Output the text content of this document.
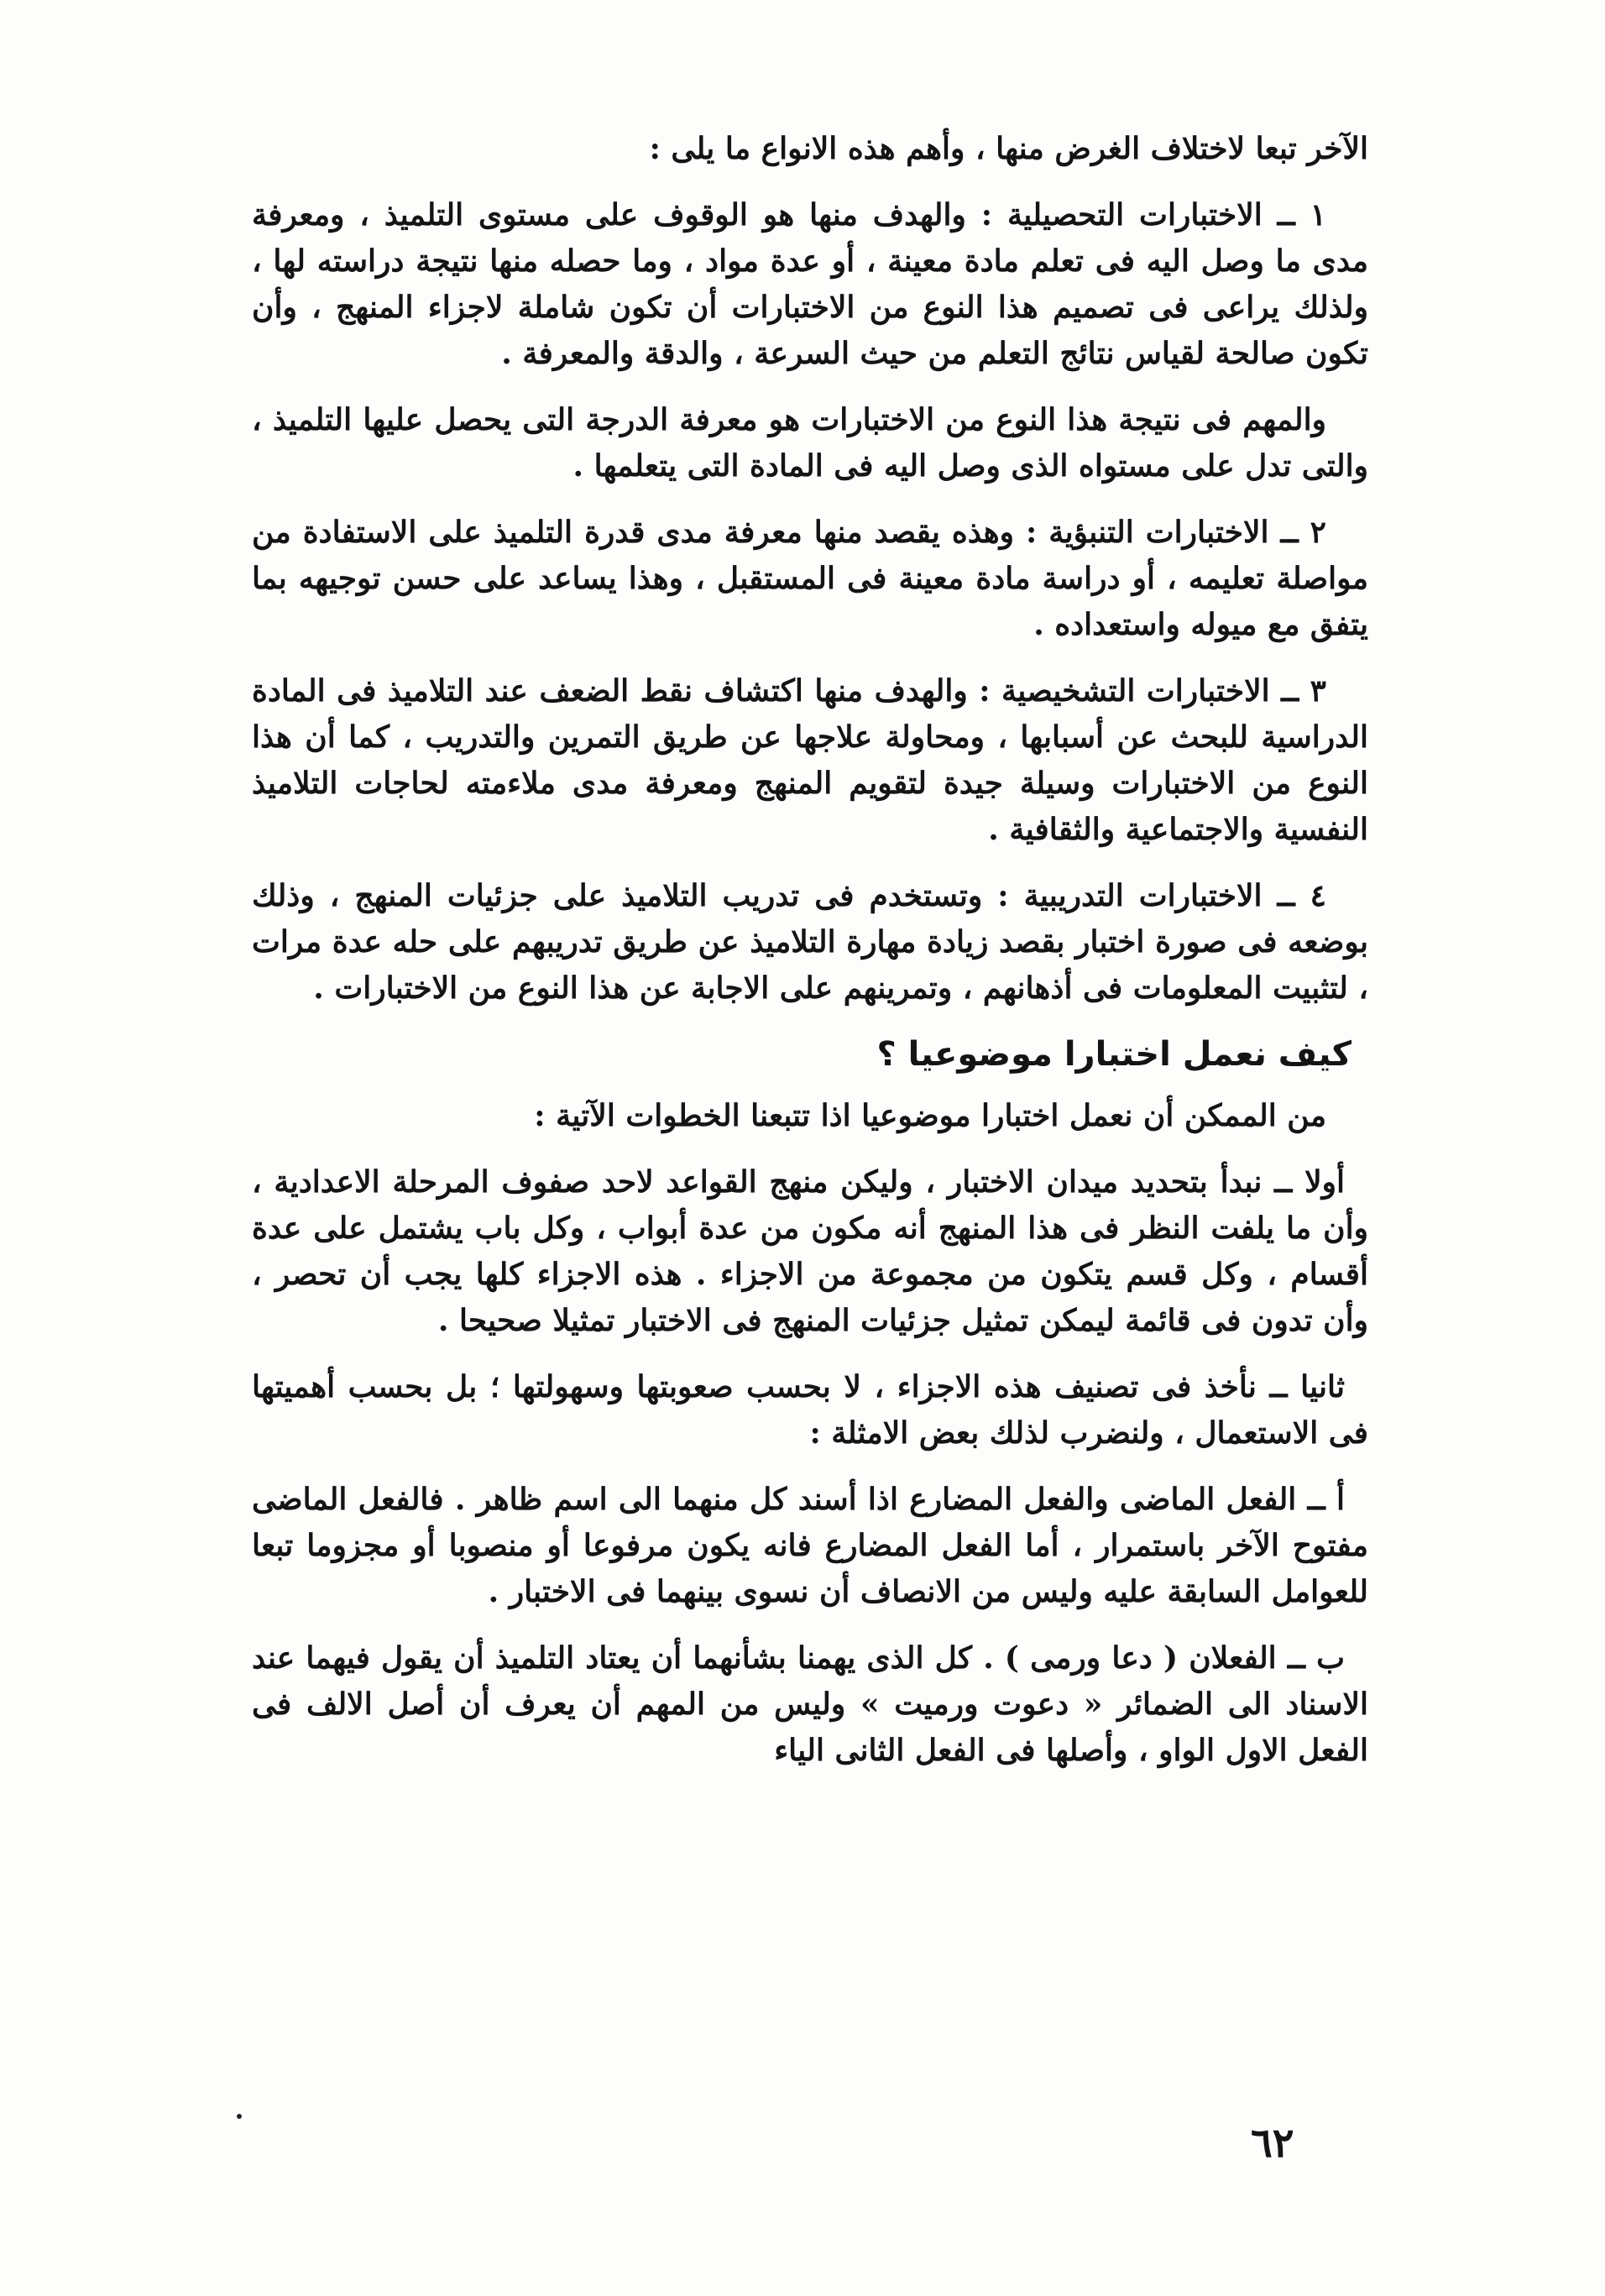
الآخر تبعا لاختلاف الغرض منها ، وأهم هذه الانواع ما يلى :

١ ــ الاختبارات التحصيلية : والهدف منها هو الوقوف على مستوى التلميذ ، ومعرفة مدى ما وصل اليه فى تعلم مادة معينة ، أو عدة مواد ، وما حصله منها نتيجة دراسته لها ، ولذلك يراعى فى تصميم هذا النوع من الاختبارات أن تكون شاملة لاجزاء المنهج ، وأن تكون صالحة لقياس نتائج التعلم من حيث السرعة ، والدقة والمعرفة .

والمهم فى نتيجة هذا النوع من الاختبارات هو معرفة الدرجة التى يحصل عليها التلميذ ، والتى تدل على مستواه الذى وصل اليه فى المادة التى يتعلمها .

٢ ــ الاختبارات التنبؤية : وهذه يقصد منها معرفة مدى قدرة التلميذ على الاستفادة من مواصلة تعليمه ، أو دراسة مادة معينة فى المستقبل ، وهذا يساعد على حسن توجيهه بما يتفق مع ميوله واستعداده .

٣ ــ الاختبارات التشخيصية : والهدف منها اكتشاف نقط الضعف عند التلاميذ فى المادة الدراسية للبحث عن أسبابها ، ومحاولة علاجها عن طريق التمرين والتدريب ، كما أن هذا النوع من الاختبارات وسيلة جيدة لتقويم المنهج ومعرفة مدى ملاءمته لحاجات التلاميذ النفسية والاجتماعية والثقافية .

٤ ــ الاختبارات التدريبية : وتستخدم فى تدريب التلاميذ على جزئيات المنهج ، وذلك بوضعه فى صورة اختبار بقصد زيادة مهارة التلاميذ عن طريق تدريبهم على حله عدة مرات ، لتثبيت المعلومات فى أذهانهم ، وتمرينهم على الاجابة عن هذا النوع من الاختبارات .

كيف نعمل اختبارا موضوعيا ؟

من الممكن أن نعمل اختبارا موضوعيا اذا تتبعنا الخطوات الآتية :

أولا ــ نبدأ بتحديد ميدان الاختبار ، وليكن منهج القواعد لاحد صفوف المرحلة الاعدادية ، وأن ما يلفت النظر فى هذا المنهج أنه مكون من عدة أبواب ، وكل باب يشتمل على عدة أقسام ، وكل قسم يتكون من مجموعة من الاجزاء . هذه الاجزاء كلها يجب أن تحصر ، وأن تدون فى قائمة ليمكن تمثيل جزئيات المنهج فى الاختبار تمثيلا صحيحا .

ثانيا ــ نأخذ فى تصنيف هذه الاجزاء ، لا بحسب صعوبتها وسهولتها ؛ بل بحسب أهميتها فى الاستعمال ، ولنضرب لذلك بعض الامثلة :

أ ــ الفعل الماضى والفعل المضارع اذا أسند كل منهما الى اسم ظاهر . فالفعل الماضى مفتوح الآخر باستمرار ، أما الفعل المضارع فانه يكون مرفوعا أو منصوبا أو مجزوما تبعا للعوامل السابقة عليه وليس من الانصاف أن نسوى بينهما فى الاختبار .

ب ــ الفعلان ( دعا ورمى ) . كل الذى يهمنا بشأنهما أن يعتاد التلميذ أن يقول فيهما عند الاسناد الى الضمائر « دعوت ورميت » وليس من المهم أن يعرف أن أصل الالف فى الفعل الاول الواو ، وأصلها فى الفعل الثانى الياء

٦٢
